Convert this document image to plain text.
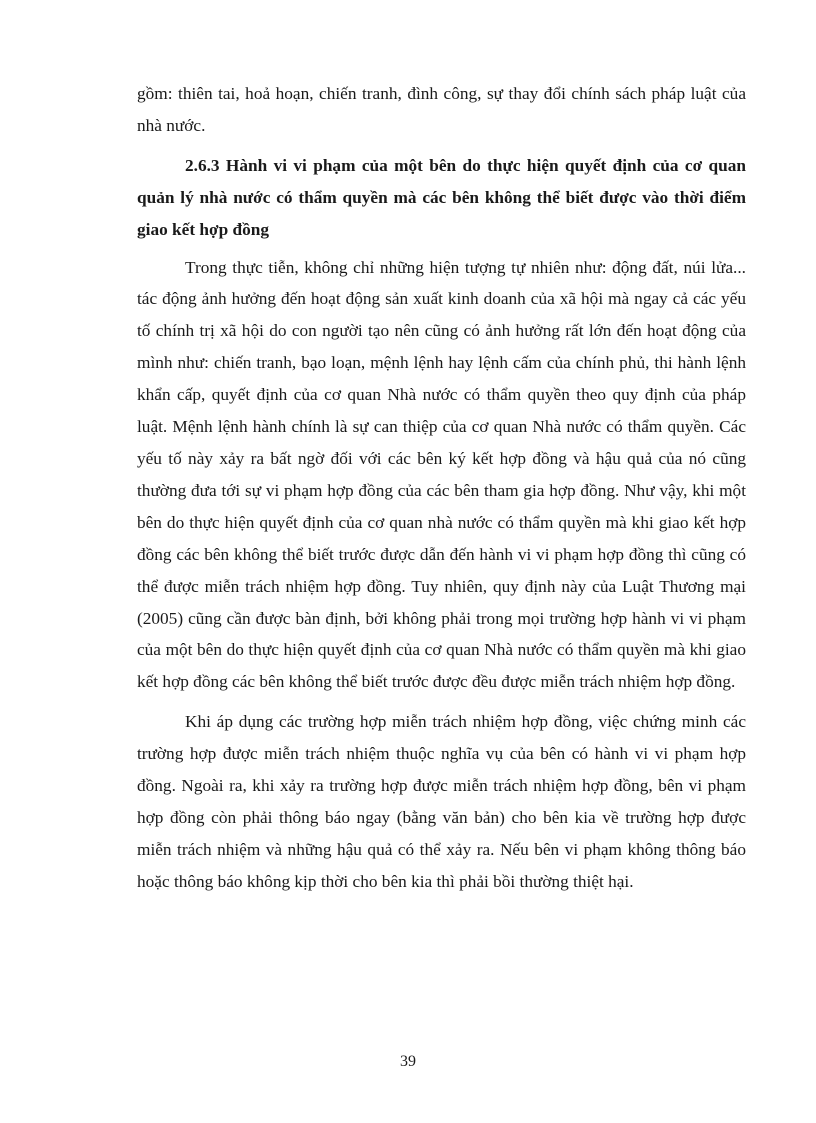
gồm: thiên tai, hoả hoạn, chiến tranh, đình công, sự thay đổi chính sách pháp luật của nhà nước.

2.6.3 Hành vi vi phạm của một bên do thực hiện quyết định của cơ quan quản lý nhà nước có thẩm quyền mà các bên không thể biết được vào thời điểm giao kết hợp đồng

Trong thực tiễn, không chỉ những hiện tượng tự nhiên như: động đất, núi lửa... tác động ảnh hưởng đến hoạt động sản xuất kinh doanh của xã hội mà ngay cả các yếu tố chính trị xã hội do con người tạo nên cũng có ảnh hưởng rất lớn đến hoạt động của mình như: chiến tranh, bạo loạn, mệnh lệnh hay lệnh cấm của chính phủ, thi hành lệnh khẩn cấp, quyết định của cơ quan Nhà nước có thẩm quyền theo quy định của pháp luật. Mệnh lệnh hành chính là sự can thiệp của cơ quan Nhà nước có thẩm quyền. Các yếu tố này xảy ra bất ngờ đối với các bên ký kết hợp đồng và hậu quả của nó cũng thường đưa tới sự vi phạm hợp đồng của các bên tham gia hợp đồng. Như vậy, khi một bên do thực hiện quyết định của cơ quan nhà nước có thẩm quyền mà khi giao kết hợp đồng các bên không thể biết trước được dẫn đến hành vi vi phạm hợp đồng thì cũng có thể được miễn trách nhiệm hợp đồng. Tuy nhiên, quy định này của Luật Thương mại (2005) cũng cần được bàn định, bởi không phải trong mọi trường hợp hành vi vi phạm của một bên do thực hiện quyết định của cơ quan Nhà nước có thẩm quyền mà khi giao kết hợp đồng các bên không thể biết trước được đều được miễn trách nhiệm hợp đồng.

Khi áp dụng các trường hợp miễn trách nhiệm hợp đồng, việc chứng minh các trường hợp được miễn trách nhiệm thuộc nghĩa vụ của bên có hành vi vi phạm hợp đồng. Ngoài ra, khi xảy ra trường hợp được miễn trách nhiệm hợp đồng, bên vi phạm hợp đồng còn phải thông báo ngay (bằng văn bản) cho bên kia về trường hợp được miễn trách nhiệm và những hậu quả có thể xảy ra. Nếu bên vi phạm không thông báo hoặc thông báo không kịp thời cho bên kia thì phải bồi thường thiệt hại.

39
